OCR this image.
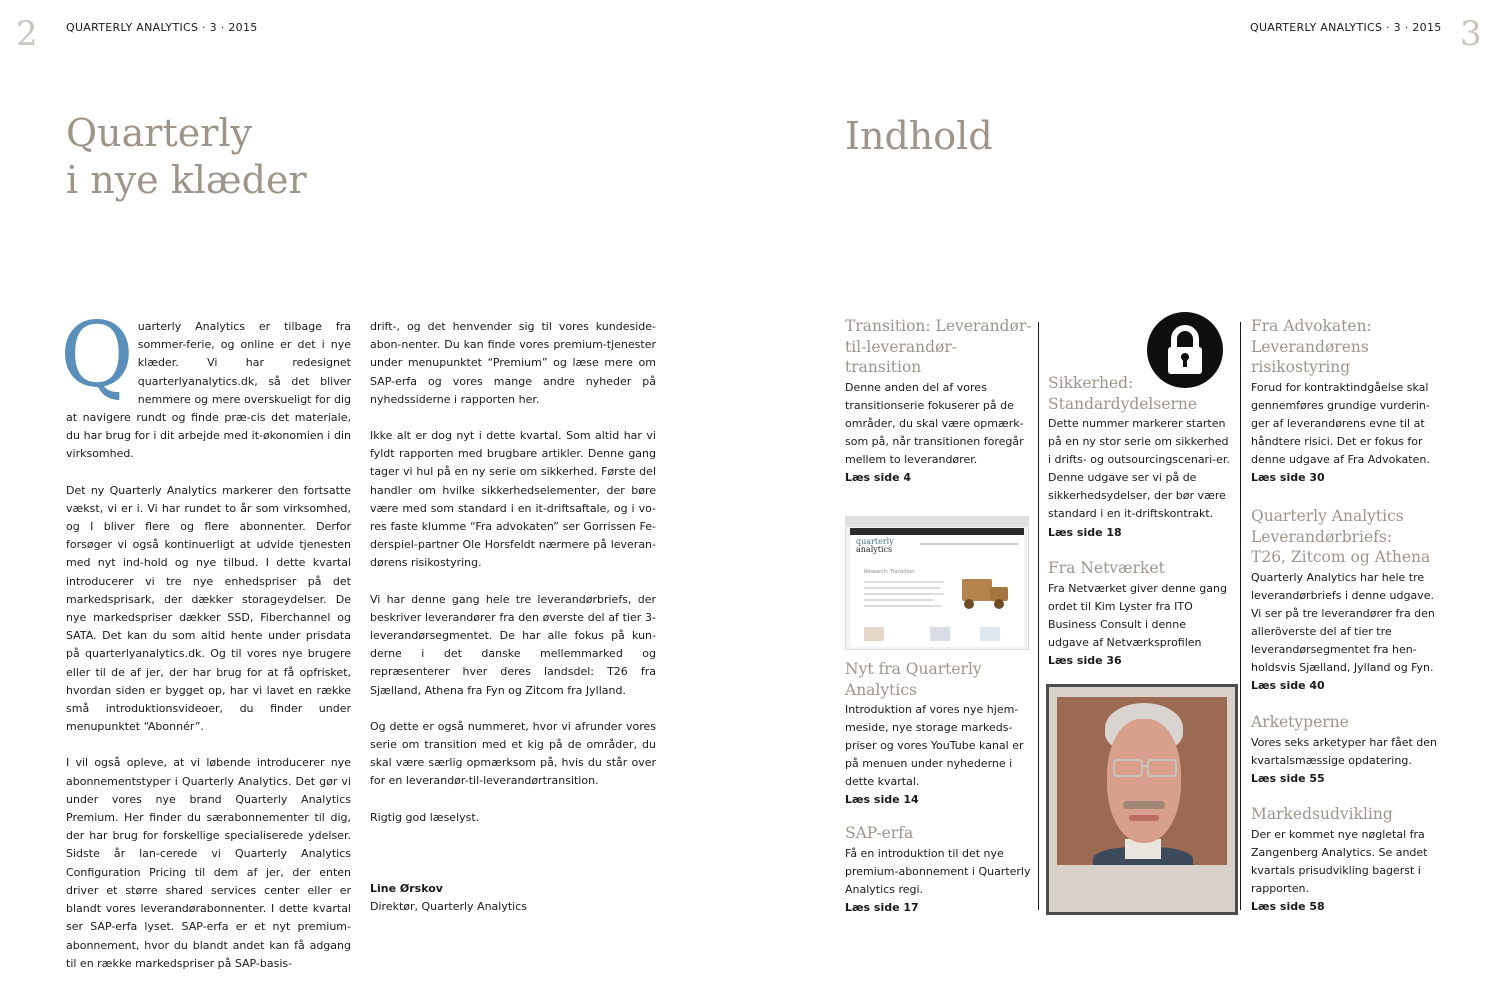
2	QUARTERLY ANALYTICS · 3 · 2015
Quarterly
i nye klæder

Quarterly Analytics er tilbage fra sommer-ferie, og online er det i nye klæder. Vi har redesignet quarterlyanalytics.dk, så det bliver nemmere og mere overskueligt for dig at navigere rundt og finde præ-cis det materiale, du har brug for i dit arbejde med it-økonomien i din virksomhed.

Det ny Quarterly Analytics markerer den fortsatte vækst, vi er i. Vi har rundet to år som virksomhed, og I bliver flere og flere abonnenter. Derfor forsøger vi også kontinuerligt at udvide tjenesten med nyt ind-hold og nye tilbud. I dette kvartal introducerer vi tre nye enhedspriser på det markedsprisark, der dækker storageydelser. De nye markedspriser dækker SSD, Fiberchannel og SATA. Det kan du som altid hente under prisdata på quarterlyanalytics.dk. Og til vores nye brugere eller til de af jer, der har brug for at få opfrisket, hvordan siden er bygget op, har vi lavet en række små introduktionsvideoer, du finder under menupunktet “Abonnér”.

I vil også opleve, at vi løbende introducerer nye abonnementstyper i Quarterly Analytics. Det gør vi under vores nye brand Quarterly Analytics Premium. Her finder du særabonnementer til dig, der har brug for forskellige specialiserede ydelser. Sidste år lan-cerede vi Quarterly Analytics Configuration Pricing til dem af jer, der enten driver et større shared services center eller er blandt vores leverandørabonnenter. I dette kvartal ser SAP-erfa lyset. SAP-erfa er et nyt premium-abonnement, hvor du blandt andet kan få adgang til en række markedspriser på SAP-basis-

drift-, og det henvender sig til vores kundeside-abon-nenter. Du kan finde vores premium-tjenester under menupunktet “Premium” og læse mere om SAP-erfa og vores mange andre nyheder på nyhedssiderne i rapporten her.

Ikke alt er dog nyt i dette kvartal. Som altid har vi fyldt rapporten med brugbare artikler. Denne gang tager vi hul på en ny serie om sikkerhed. Første del handler om hvilke sikkerhedselementer, der børe være med som standard i en it-driftsaftale, og i vo-res faste klumme “Fra advokaten” ser Gorrissen Fe-derspiel-partner Ole Horsfeldt nærmere på leveran-dørens risikostyring.

Vi har denne gang hele tre leverandørbriefs, der beskriver leverandører fra den øverste del af tier 3-leverandørsegmentet. De har alle fokus på kun-derne i det danske mellemmarked og repræsenterer hver deres landsdel: T26 fra Sjælland, Athena fra Fyn og Zitcom fra Jylland.

Og dette er også nummeret, hvor vi afrunder vores serie om transition med et kig på de områder, du skal være særlig opmærksom på, hvis du står over for en leverandør-til-leverandørtransition.

Rigtig god læselyst.

Line Ørskov
Direktør, Quarterly Analytics
QUARTERLY ANALYTICS · 3 · 2015 3
Indhold

Transition: Leverandør-til-leverandør-transition

Denne anden del af vores transitionserie fokuserer på de områder, du skal være opmærk-som på, når transitionen foregår mellem to leverandører.

Læs side 4

quarterly
analytics
Research: Transition

Nyt fra Quarterly Analytics

Introduktion af vores nye hjem-meside, nye storage markeds-priser og vores YouTube kanal er på menuen under nyhederne i dette kvartal.

Læs side 14

SAP-erfa

Få en introduktion til det nye premium-abonnement i Quarterly Analytics regi.

Læs side 17

Sikkerhed: Standardydelserne

Dette nummer markerer starten på en ny stor serie om sikkerhed i drifts- og outsourcingscenari-er. Denne udgave ser vi på de sikkerhedsydelser, der bør være standard i en it-driftskontrakt.

Læs side 18

Fra Netværket

Fra Netværket giver denne gang ordet til Kim Lyster fra ITO Business Consult i denne udgave af Netværksprofilen

Læs side 36

Fra Advokaten: Leverandørens risikostyring

Forud for kontraktindgåelse skal gennemføres grundige vurderin-ger af leverandørens evne til at håndtere risici. Det er fokus for denne udgave af Fra Advokaten.

Læs side 30

Quarterly Analytics Leverandørbriefs: T26, Zitcom og Athena

Quarterly Analytics har hele tre leverandørbriefs i denne udgave. Vi ser på tre leverandører fra den alleröverste del af tier tre leverandørsegmentet fra hen-holdsvis Sjælland, Jylland og Fyn.

Læs side 40

Arketyperne

Vores seks arketyper har fået den kvartalsmæssige opdatering.

Læs side 55

Markedsudvikling

Der er kommet nye nøgletal fra Zangenberg Analytics. Se andet kvartals prisudvikling bagerst i rapporten.

Læs side 58
